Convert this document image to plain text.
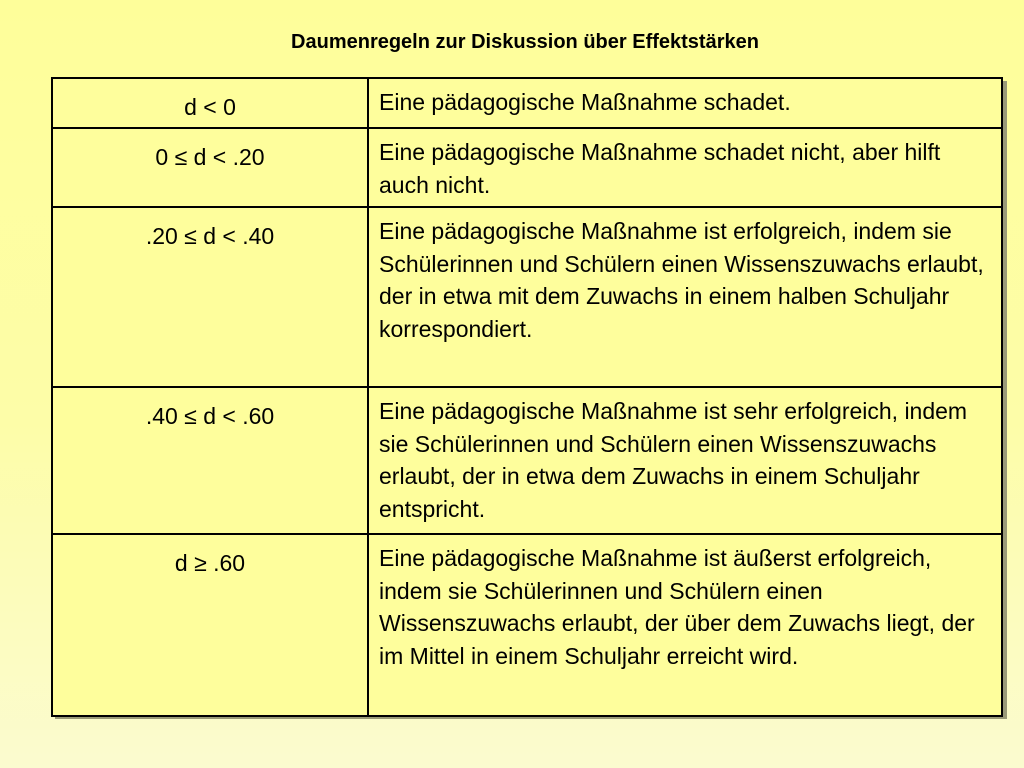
Daumenregeln zur Diskussion über Effektstärken
d < 0	Eine pädagogische Maßnahme schadet.
0 ≤ d < .20	Eine pädagogische Maßnahme schadet nicht, aber hilft auch nicht.
.20 ≤ d < .40	Eine pädagogische Maßnahme ist erfolgreich, indem sie Schülerinnen und Schülern einen Wissenszuwachs erlaubt, der in etwa mit dem Zuwachs in einem halben Schuljahr korrespondiert.
.40 ≤ d < .60	Eine pädagogische Maßnahme ist sehr erfolgreich, indem sie Schülerinnen und Schülern einen Wissenszuwachs erlaubt, der in etwa dem Zuwachs in einem Schuljahr entspricht.
d ≥ .60	Eine pädagogische Maßnahme ist äußerst erfolgreich, indem sie Schülerinnen und Schülern einen Wissenszuwachs erlaubt, der über dem Zuwachs liegt, der im Mittel in einem Schuljahr erreicht wird.
